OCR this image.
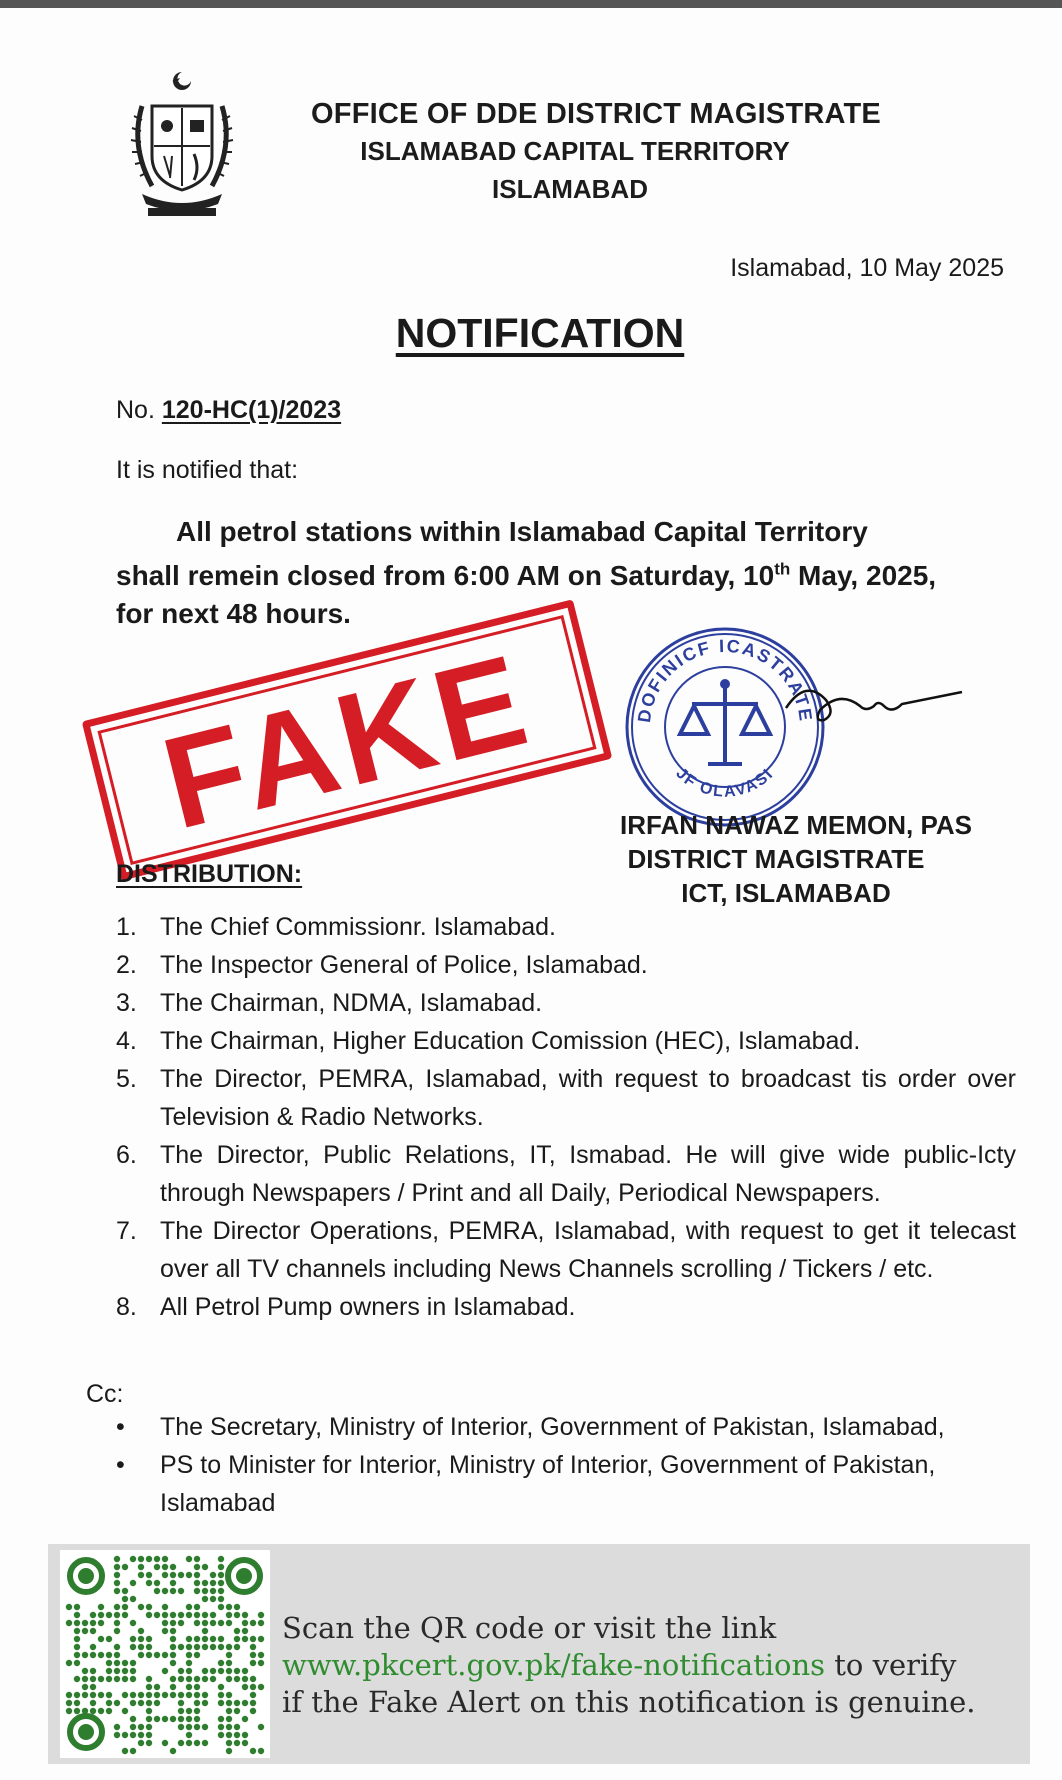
OFFICE OF DDE DISTRICT MAGISTRATE
ISLAMABAD CAPITAL TERRITORY
ISLAMABAD
Islamabad, 10 May 2025
NOTIFICATION
No. 120-HC(1)/2023
It is notified that:
All petrol stations within Islamabad Capital Territory
shall remein closed from 6:00 AM on Saturday, 10th May, 2025,
for next 48 hours.
DOFINICF ICASTRATE
JF OLAVASI
FAKE	IRFAN NAWAZ MEMON, PAS
DISTRICT MAGISTRATE
ICT, ISLAMABAD
DISTRIBUTION:
1. The Chief Commissionr. Islamabad.
2. The Inspector General of Police, Islamabad.
3. The Chairman, NDMA, Islamabad.
4. The Chairman, Higher Education Comission (HEC), Islamabad.
5. The Director, PEMRA, Islamabad, with request to broadcast tis order over Television & Radio Networks.
6. The Director, Public Relations, IT, Ismabad. He will give wide public-Icty through Newspapers / Print and all Daily, Periodical Newspapers.
7. The Director Operations, PEMRA, Islamabad, with request to get it telecast over all TV channels including News Channels scrolling / Tickers / etc.
8. All Petrol Pump owners in Islamabad.
Cc:
•	The Secretary, Ministry of Interior, Government of Pakistan, Islamabad,
•	PS to Minister for Interior, Ministry of Interior, Government of Pakistan, Islamabad
Scan the QR code or visit the link
www.pkcert.gov.pk/fake-notifications to verify
if the Fake Alert on this notification is genuine.
